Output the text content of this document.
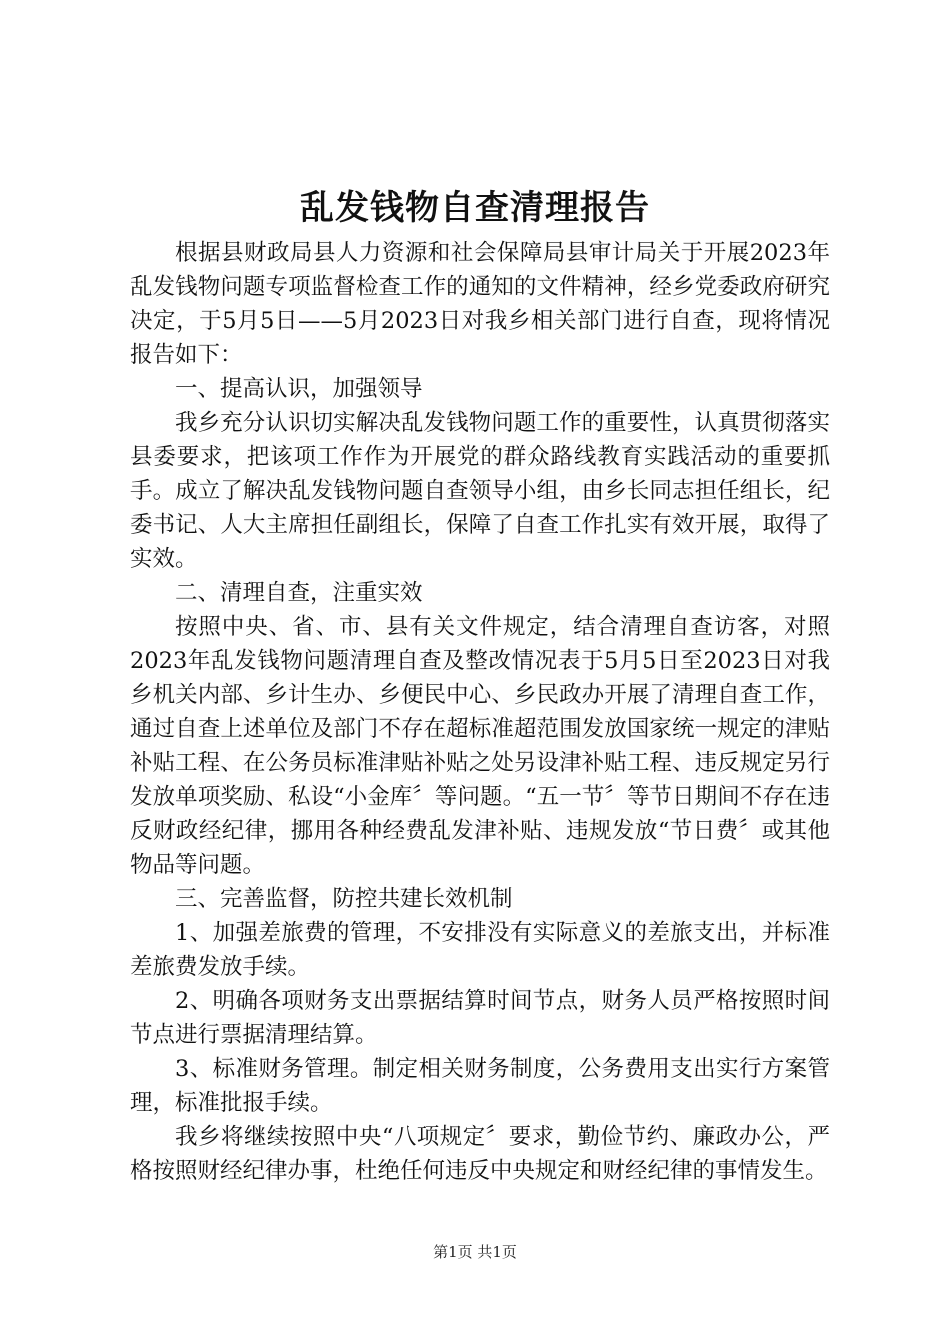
乱发钱物自查清理报告

根据县财政局县人力资源和社会保障局县审计局关于开展2023年乱发钱物问题专项监督检查工作的通知的文件精神，经乡党委政府研究决定，于5月5日——5月2023日对我乡相关部门进行自查，现将情况报告如下：

一、提高认识，加强领导

我乡充分认识切实解决乱发钱物问题工作的重要性，认真贯彻落实县委要求，把该项工作作为开展党的群众路线教育实践活动的重要抓手。成立了解决乱发钱物问题自查领导小组，由乡长同志担任组长，纪委书记、人大主席担任副组长，保障了自查工作扎实有效开展，取得了实效。

二、清理自查，注重实效

按照中央、省、市、县有关文件规定，结合清理自查访客，对照2023年乱发钱物问题清理自查及整改情况表于5月5日至2023日对我乡机关内部、乡计生办、乡便民中心、乡民政办开展了清理自查工作，通过自查上述单位及部门不存在超标准超范围发放国家统一规定的津贴补贴工程、在公务员标准津贴补贴之处另设津补贴工程、违反规定另行发放单项奖励、私设“小金库〞等问题。“五一节〞等节日期间不存在违反财政经纪律，挪用各种经费乱发津补贴、违规发放“节日费〞或其他物品等问题。

三、完善监督，防控共建长效机制

1、加强差旅费的管理，不安排没有实际意义的差旅支出，并标准差旅费发放手续。

2、明确各项财务支出票据结算时间节点，财务人员严格按照时间节点进行票据清理结算。

3、标准财务管理。制定相关财务制度，公务费用支出实行方案管理，标准批报手续。

我乡将继续按照中央“八项规定〞要求，勤俭节约、廉政办公，严格按照财经纪律办事，杜绝任何违反中央规定和财经纪律的事情发生。

第1页 共1页
